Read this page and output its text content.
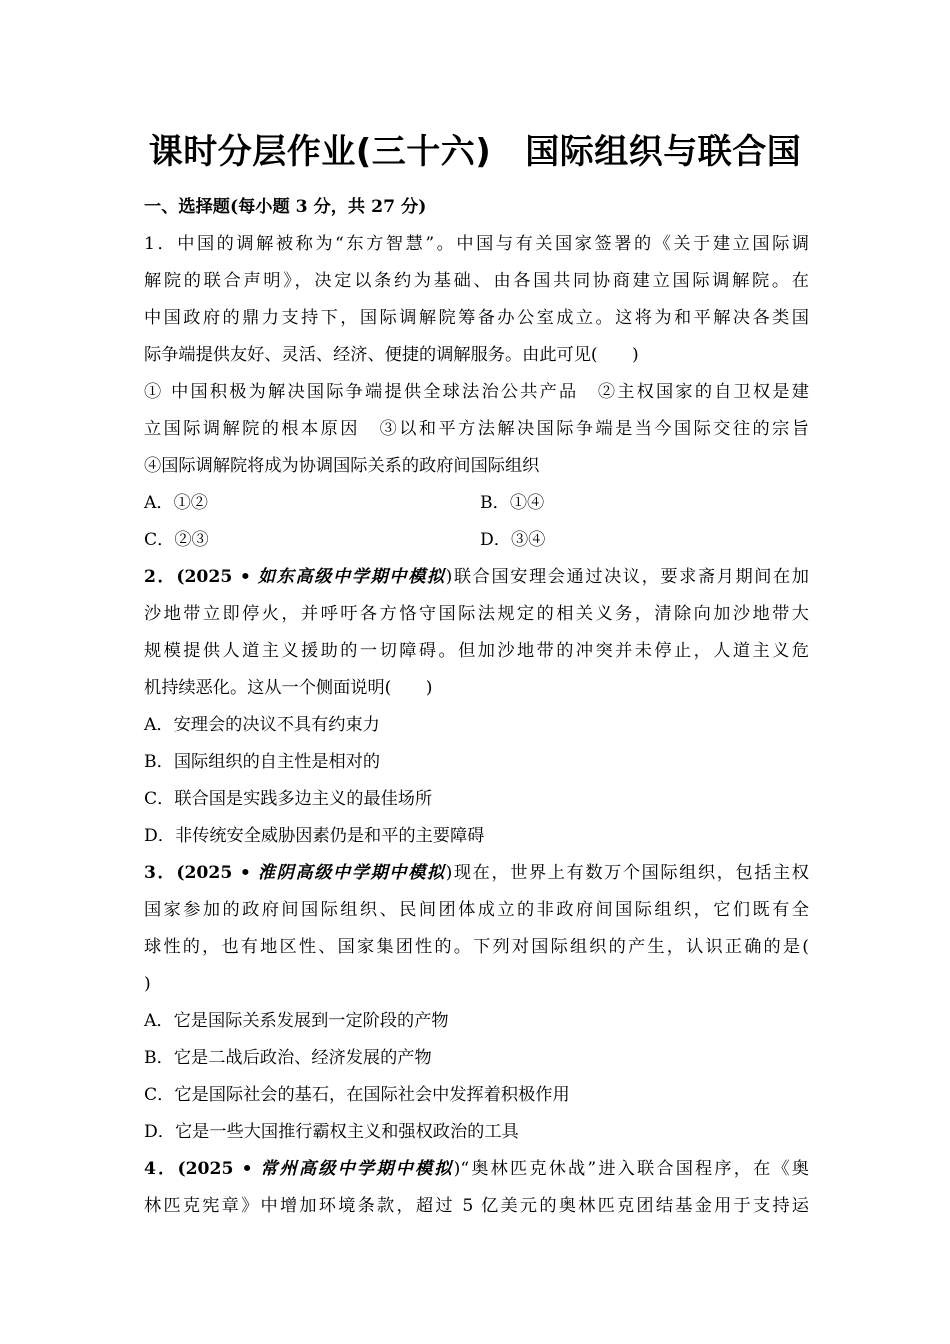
课时分层作业(三十六) 国际组织与联合国
一、选择题(每小题 3 分，共 27 分)
1．中国的调解被称为“东方智慧”。中国与有关国家签署的《关于建立国际调
解院的联合声明》，决定以条约为基础、由各国共同协商建立国际调解院。在
中国政府的鼎力支持下，国际调解院筹备办公室成立。这将为和平解决各类国
际争端提供友好、灵活、经济、便捷的调解服务。由此可见(　　)
① 中国积极为解决国际争端提供全球法治公共产品　②主权国家的自卫权是建
立国际调解院的根本原因　③以和平方法解决国际争端是当今国际交往的宗旨
④国际调解院将成为协调国际关系的政府间国际组织
A．①②	B．①④
C．②③	D．③④
2．(2025 • 如东高级中学期中模拟)联合国安理会通过决议，要求斋月期间在加
沙地带立即停火，并呼吁各方恪守国际法规定的相关义务，清除向加沙地带大
规模提供人道主义援助的一切障碍。但加沙地带的冲突并未停止，人道主义危
机持续恶化。这从一个侧面说明(　　)
A．安理会的决议不具有约束力
B．国际组织的自主性是相对的
C．联合国是实践多边主义的最佳场所
D．非传统安全威胁因素仍是和平的主要障碍
3．(2025 • 淮阴高级中学期中模拟)现在，世界上有数万个国际组织，包括主权
国家参加的政府间国际组织、民间团体成立的非政府间国际组织，它们既有全
球性的，也有地区性、国家集团性的。下列对国际组织的产生，认识正确的是(
)
A．它是国际关系发展到一定阶段的产物
B．它是二战后政治、经济发展的产物
C．它是国际社会的基石，在国际社会中发挥着积极作用
D．它是一些大国推行霸权主义和强权政治的工具
4．(2025 • 常州高级中学期中模拟)“奥林匹克休战”进入联合国程序，在《奥
林匹克宪章》中增加环境条款，超过 5 亿美元的奥林匹克团结基金用于支持运
